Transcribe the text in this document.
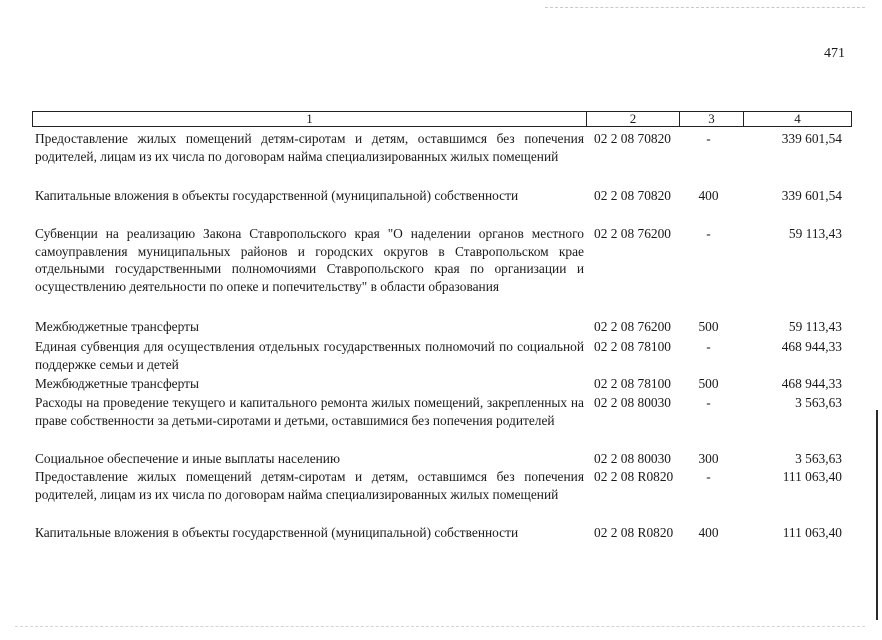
471
1	2	3	4
Предоставление жилых помещений детям-сиротам и детям, оставшимся без попечения родителей, лицам из их числа по договорам найма специализированных жилых помещений
02 2 08 70820	-	339 601,54
Капитальные вложения в объекты государственной (муниципальной) собственности	02 2 08 70820	400	339 601,54
Субвенции на реализацию Закона Ставропольского края "О наделении органов местного самоуправления муниципальных районов и городских округов в Ставропольском крае отдельными государственными полномочиями Ставропольского края по организации и осуществлению деятельности по опеке и попечительству" в области образования
02 2 08 76200	-	59 113,43
Межбюджетные трансферты	02 2 08 76200	500	59 113,43
Единая субвенция для осуществления отдельных государственных полномочий по социальной поддержке семьи и детей
02 2 08 78100	-	468 944,33
Межбюджетные трансферты	02 2 08 78100	500	468 944,33
Расходы на проведение текущего и капитального ремонта жилых помещений, закрепленных на праве собственности за детьми-сиротами и детьми, оставшимися без попечения родителей
02 2 08 80030	-	3 563,63
Социальное обеспечение и иные выплаты населению	02 2 08 80030	300	3 563,63
Предоставление жилых помещений детям-сиротам и детям, оставшимся без попечения родителей, лицам из их числа по договорам найма специализированных жилых помещений
02 2 08 R0820	-	111 063,40
Капитальные вложения в объекты государственной (муниципальной) собственности	02 2 08 R0820	400	111 063,40
